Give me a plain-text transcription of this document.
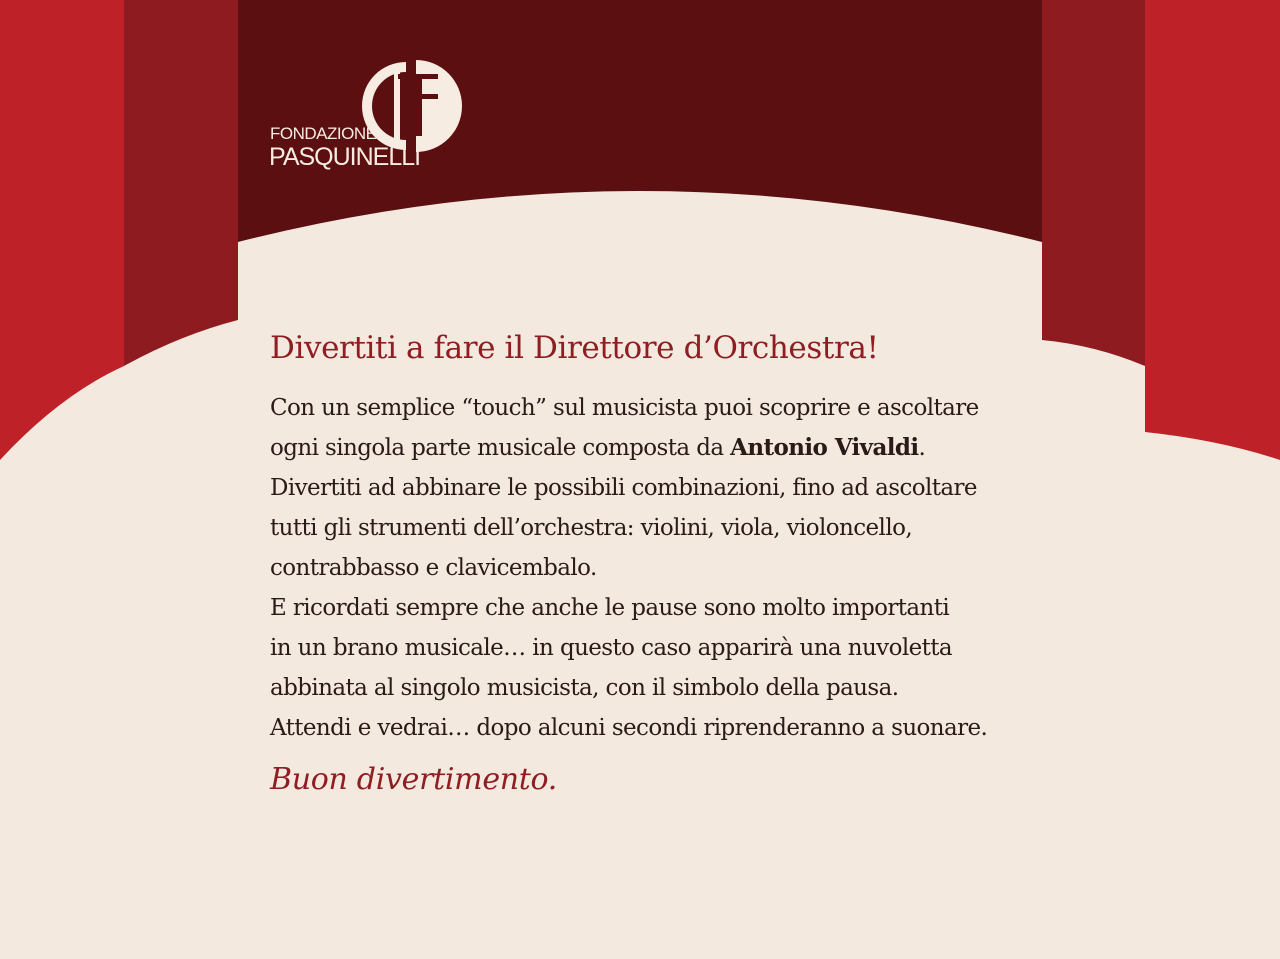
FONDAZIONE
PASQUINELLI
Divertiti a fare il Direttore d’Orchestra!

Con un semplice “touch” sul musicista puoi scoprire e ascoltare
ogni singola parte musicale composta da Antonio Vivaldi.
Divertiti ad abbinare le possibili combinazioni, fino ad ascoltare
tutti gli strumenti dell’orchestra: violini, viola, violoncello,
contrabbasso e clavicembalo.
E ricordati sempre che anche le pause sono molto importanti
in un brano musicale… in questo caso apparirà una nuvoletta
abbinata al singolo musicista, con il simbolo della pausa.
Attendi e vedrai… dopo alcuni secondi riprenderanno a suonare.

Buon divertimento.
